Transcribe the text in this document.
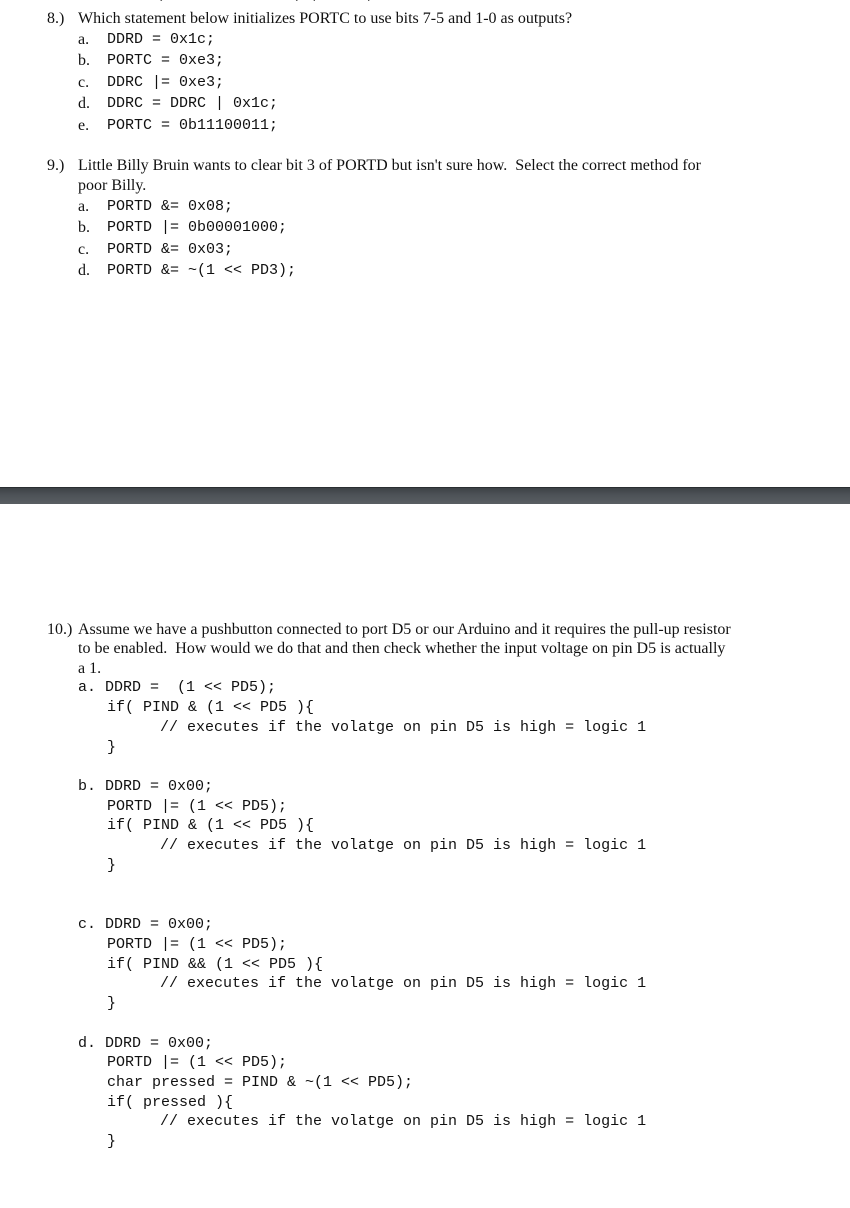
8.) Which statement below initializes PORTC to use bits 7-5 and 1-0 as outputs?
a. DDRD = 0x1c;
b. PORTC = 0xe3;
c. DDRC |= 0xe3;
d. DDRC = DDRC | 0x1c;
e. PORTC = 0b11100011;
9.) Little Billy Bruin wants to clear bit 3 of PORTD but isn't sure how.  Select the correct method for
poor Billy.
a. PORTD &= 0x08;
b. PORTD |= 0b00001000;
c. PORTD &= 0x03;
d. PORTD &= ~(1 << PD3);
10.) Assume we have a pushbutton connected to port D5 or our Arduino and it requires the pull-up resistor
to be enabled.  How would we do that and then check whether the input voltage on pin D5 is actually
a 1.
a. DDRD =  (1 << PD5);
if( PIND & (1 << PD5 ){
// executes if the volatge on pin D5 is high = logic 1
}
b. DDRD = 0x00;
PORTD |= (1 << PD5);
if( PIND & (1 << PD5 ){
// executes if the volatge on pin D5 is high = logic 1
}
c. DDRD = 0x00;
PORTD |= (1 << PD5);
if( PIND && (1 << PD5 ){
// executes if the volatge on pin D5 is high = logic 1
}
d. DDRD = 0x00;
PORTD |= (1 << PD5);
char pressed = PIND & ~(1 << PD5);
if( pressed ){
// executes if the volatge on pin D5 is high = logic 1
}
